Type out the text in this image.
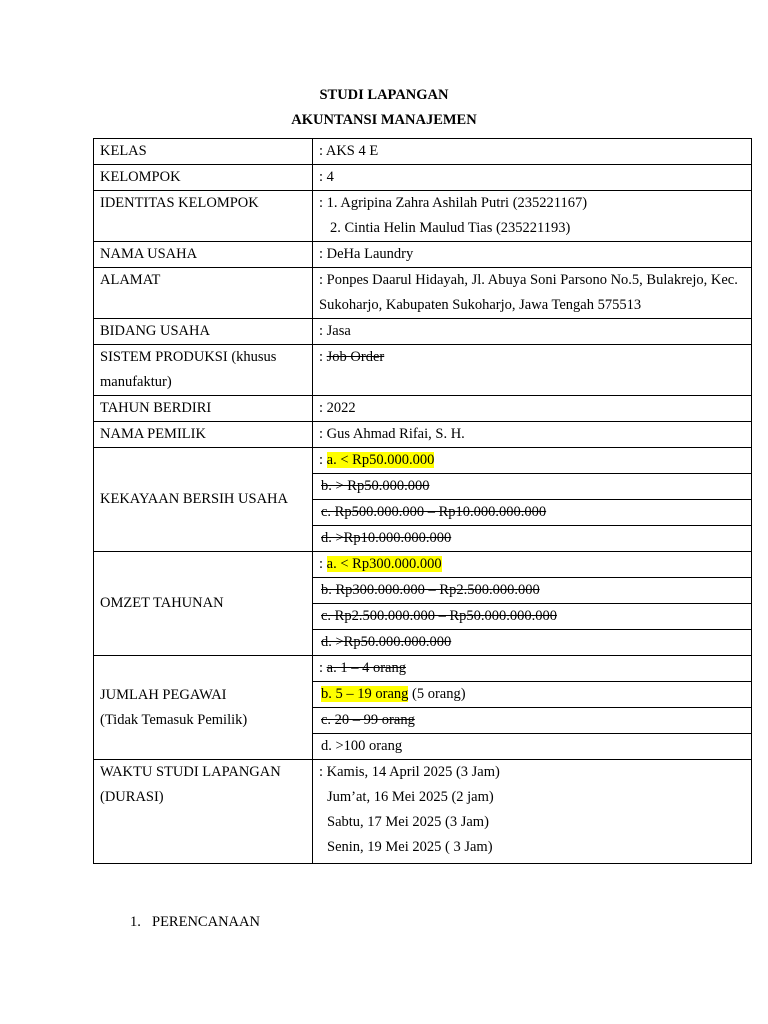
STUDI LAPANGAN
AKUNTANSI MANAJEMEN
KELAS	: AKS 4 E
KELOMPOK	: 4
IDENTITAS KELOMPOK	: 1. Agripina Zahra Ashilah Putri (235221167)
2. Cintia Helin Maulud Tias (235221193)

NAMA USAHA	: DeHa Laundry
ALAMAT	: Ponpes Daarul Hidayah, Jl. Abuya Soni Parsono No.5, Bulakrejo, Kec. Sukoharjo, Kabupaten Sukoharjo, Jawa Tengah 575513
BIDANG USAHA	: Jasa
SISTEM PRODUKSI (khusus manufaktur)	: Job Order
TAHUN BERDIRI	: 2022
NAMA PEMILIK	: Gus Ahmad Rifai, S. H.
KEKAYAAN BERSIH USAHA	: a. < Rp50.000.000
	b. > Rp50.000.000
	c. Rp500.000.000 – Rp10.000.000.000
	d. >Rp10.000.000.000
OMZET TAHUNAN	: a. < Rp300.000.000
	b. Rp300.000.000 – Rp2.500.000.000
	c. Rp2.500.000.000 – Rp50.000.000.000
	d. >Rp50.000.000.000

JUMLAH PEGAWAI
(Tidak Temasuk Pemilik)	: a. 1 – 4 orang
	b. 5 – 19 orang (5 orang)
	c. 20 – 99 orang
	d. >100 orang

WAKTU STUDI LAPANGAN
(DURASI)	: Kamis, 14 April 2025 (3 Jam)
Jum’at, 16 Mei 2025 (2 jam)
Sabtu, 17 Mei 2025 (3 Jam)
Senin, 19 Mei 2025 ( 3 Jam)
1. PERENCANAAN
